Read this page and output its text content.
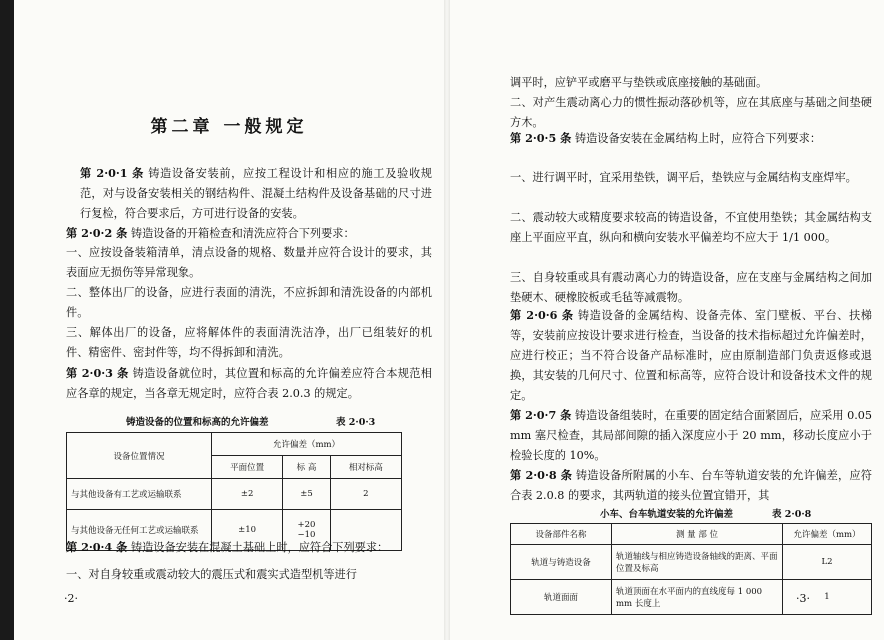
第二章 一般规定

第 2·0·1 条 铸造设备安装前，应按工程设计和相应的施工及验收规范，对与设备安装相关的钢结构件、混凝土结构件及设备基础的尺寸进行复检，符合要求后，方可进行设备的安装。

第 2·0·2 条 铸造设备的开箱检查和清洗应符合下列要求：

一、应按设备装箱清单，清点设备的规格、数量并应符合设计的要求，其表面应无损伤等异常现象。

二、整体出厂的设备，应进行表面的清洗，不应拆卸和清洗设备的内部机件。

三、解体出厂的设备，应将解体件的表面清洗洁净，出厂已组装好的机件、精密件、密封件等，均不得拆卸和清洗。

第 2·0·3 条 铸造设备就位时，其位置和标高的允许偏差应符合本规范相应各章的规定，当各章无规定时，应符合表 2.0.3 的规定。

铸造设备的位置和标高的允许偏差	表 2·0·3
设备位置情况	允许偏差（mm）		
	平面位置	标 高	相对标高
与其他设备有工艺或运输联系	±2	±5	2
与其他设备无任何工艺或运输联系	±10	+20
−10	

第 2·0·4 条 铸造设备安装在混凝土基础上时，应符合下列要求：

一、对自身较重或震动较大的震压式和震实式造型机等进行

·2·

调平时，应铲平或磨平与垫铁或底座接触的基础面。

二、对产生震动离心力的惯性振动落砂机等，应在其底座与基础之间垫硬方木。

第 2·0·5 条 铸造设备安装在金属结构上时，应符合下列要求：

一、进行调平时，宜采用垫铁，调平后，垫铁应与金属结构支座焊牢。

二、震动较大或精度要求较高的铸造设备，不宜使用垫铁；其金属结构支座上平面应平直，纵向和横向安装水平偏差均不应大于 1/1 000。

三、自身较重或具有震动离心力的铸造设备，应在支座与金属结构之间加垫硬木、硬橡胶板或毛毡等减震物。

第 2·0·6 条 铸造设备的金属结构、设备壳体、室门壁板、平台、扶梯等，安装前应按设计要求进行检查，当设备的技术指标超过允许偏差时，应进行校正；当不符合设备产品标准时，应由原制造部门负责返修或退换，其安装的几何尺寸、位置和标高等，应符合设计和设备技术文件的规定。

第 2·0·7 条 铸造设备组装时，在重要的固定结合面紧固后，应采用 0.05 mm 塞尺检查，其局部间隙的插入深度应小于 20 mm，移动长度应小于检验长度的 10%。

第 2·0·8 条 铸造设备所附属的小车、台车等轨道安装的允许偏差，应符合表 2.0.8 的要求，其两轨道的接头位置宜错开，其

小车、台车轨道安装的允许偏差	表 2·0·8
设备部件名称	测 量 部 位	允许偏差（mm）
轨道与铸造设备	轨道轴线与相应铸造设备轴线的距离、平面位置及标高	L2
轨道面面	轨道顶面在水平面内的直线度每 1 000 mm 长度上	1
·3·
